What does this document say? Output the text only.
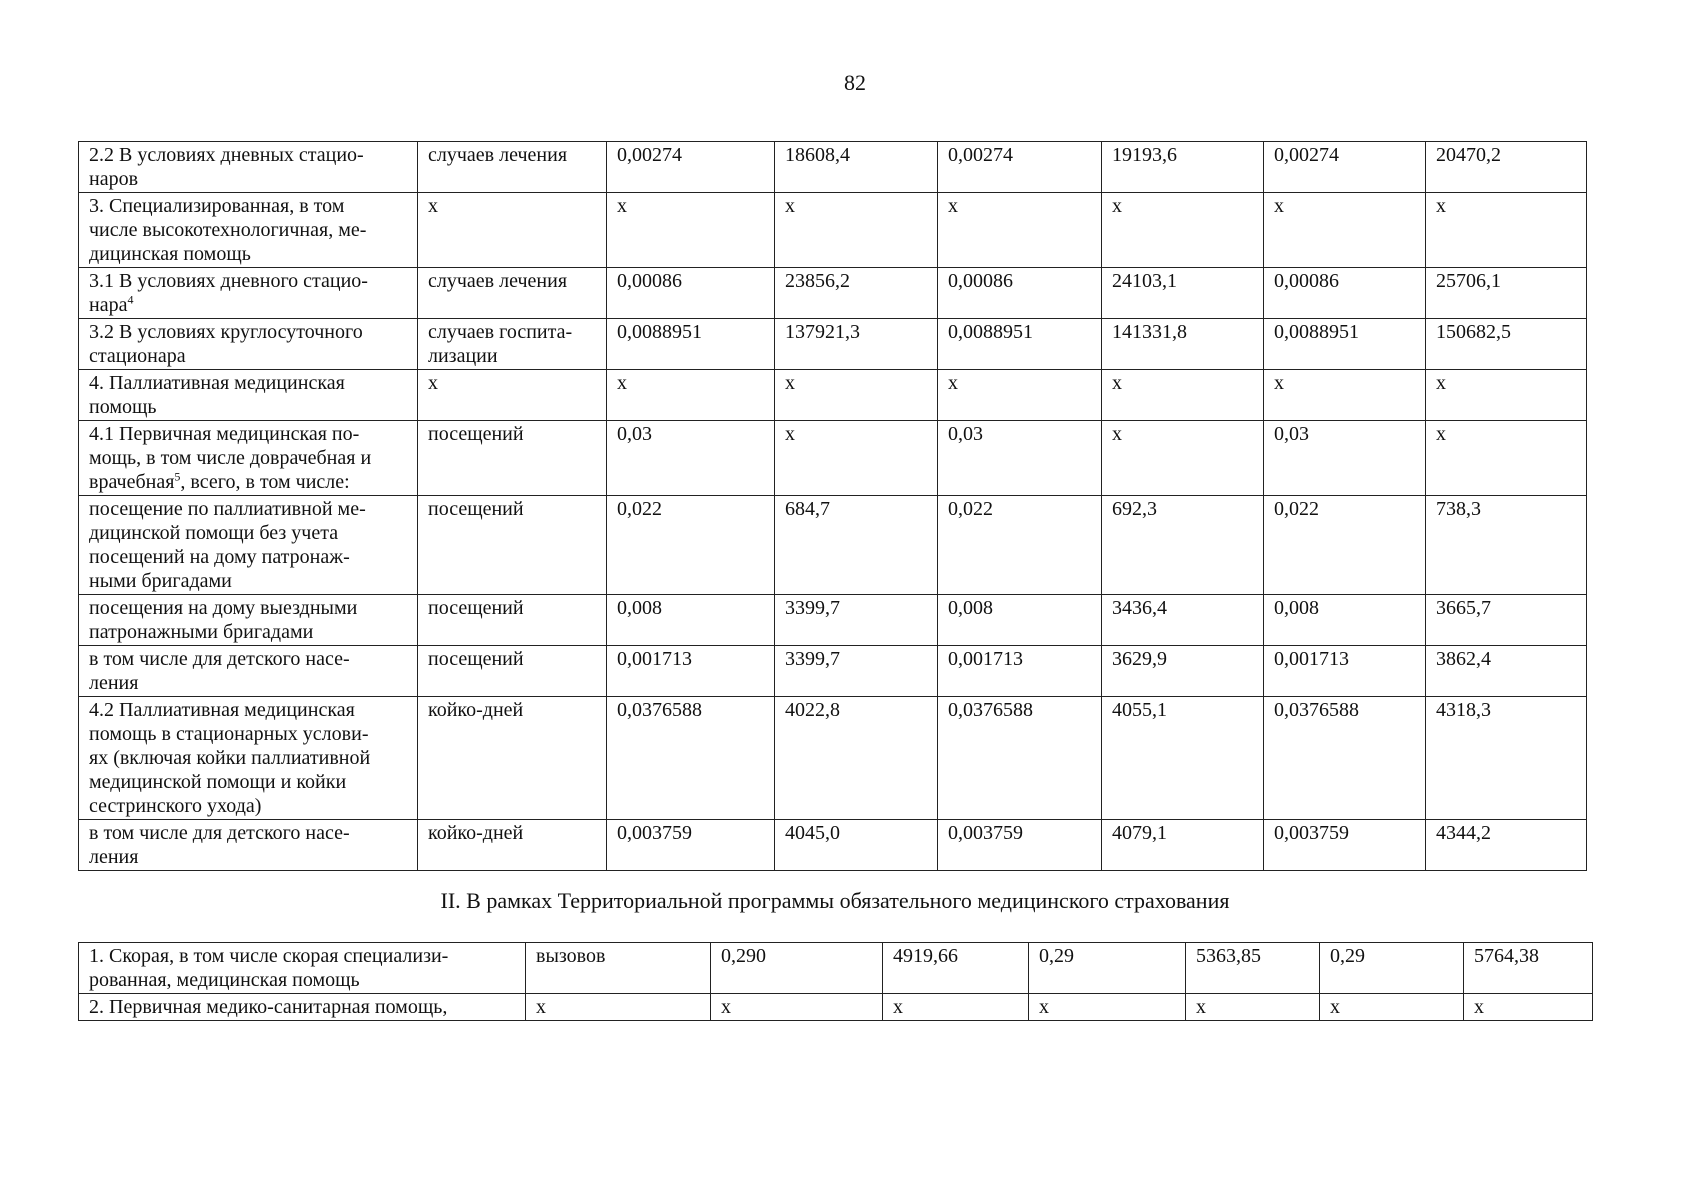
82
2.2 В условиях дневных стацио-
наров	случаев лечения	0,00274	18608,4	0,00274	19193,6	0,00274	20470,2
3. Специализированная, в том
числе высокотехнологичная, ме-
дицинская помощь	х	х	х	х	х	х	х
3.1 В условиях дневного стацио-
нара$^4$	случаев лечения	0,00086	23856,2	0,00086	24103,1	0,00086	25706,1
3.2 В условиях круглосуточного
стационара	случаев госпита-
лизации	0,0088951	137921,3	0,0088951	141331,8	0,0088951	150682,5
4. Паллиативная медицинская
помощь	х	х	х	х	х	х	х
4.1 Первичная медицинская по-
мощь, в том числе доврачебная и
врачебная$^5$, всего, в том числе:	посещений	0,03	х	0,03	х	0,03	х
посещение по паллиативной ме-
дицинской помощи без учета
посещений на дому патронаж-
ными бригадами	посещений	0,022	684,7	0,022	692,3	0,022	738,3
посещения на дому выездными
патронажными бригадами	посещений	0,008	3399,7	0,008	3436,4	0,008	3665,7
в том числе для детского насе-
ления	посещений	0,001713	3399,7	0,001713	3629,9	0,001713	3862,4
4.2 Паллиативная медицинская
помощь в стационарных услови-
ях (включая койки паллиативной
медицинской помощи и койки
сестринского ухода)	койко-дней	0,0376588	4022,8	0,0376588	4055,1	0,0376588	4318,3
в том числе для детского насе-
ления	койко-дней	0,003759	4045,0	0,003759	4079,1	0,003759	4344,2
II. В рамках Территориальной программы обязательного медицинского страхования
1. Скорая, в том числе скорая специализи-
рованная, медицинская помощь	вызовов	0,290	4919,66	0,29	5363,85	0,29	5764,38
2. Первичная медико-санитарная помощь,	х	х	х	х	х	х	х
